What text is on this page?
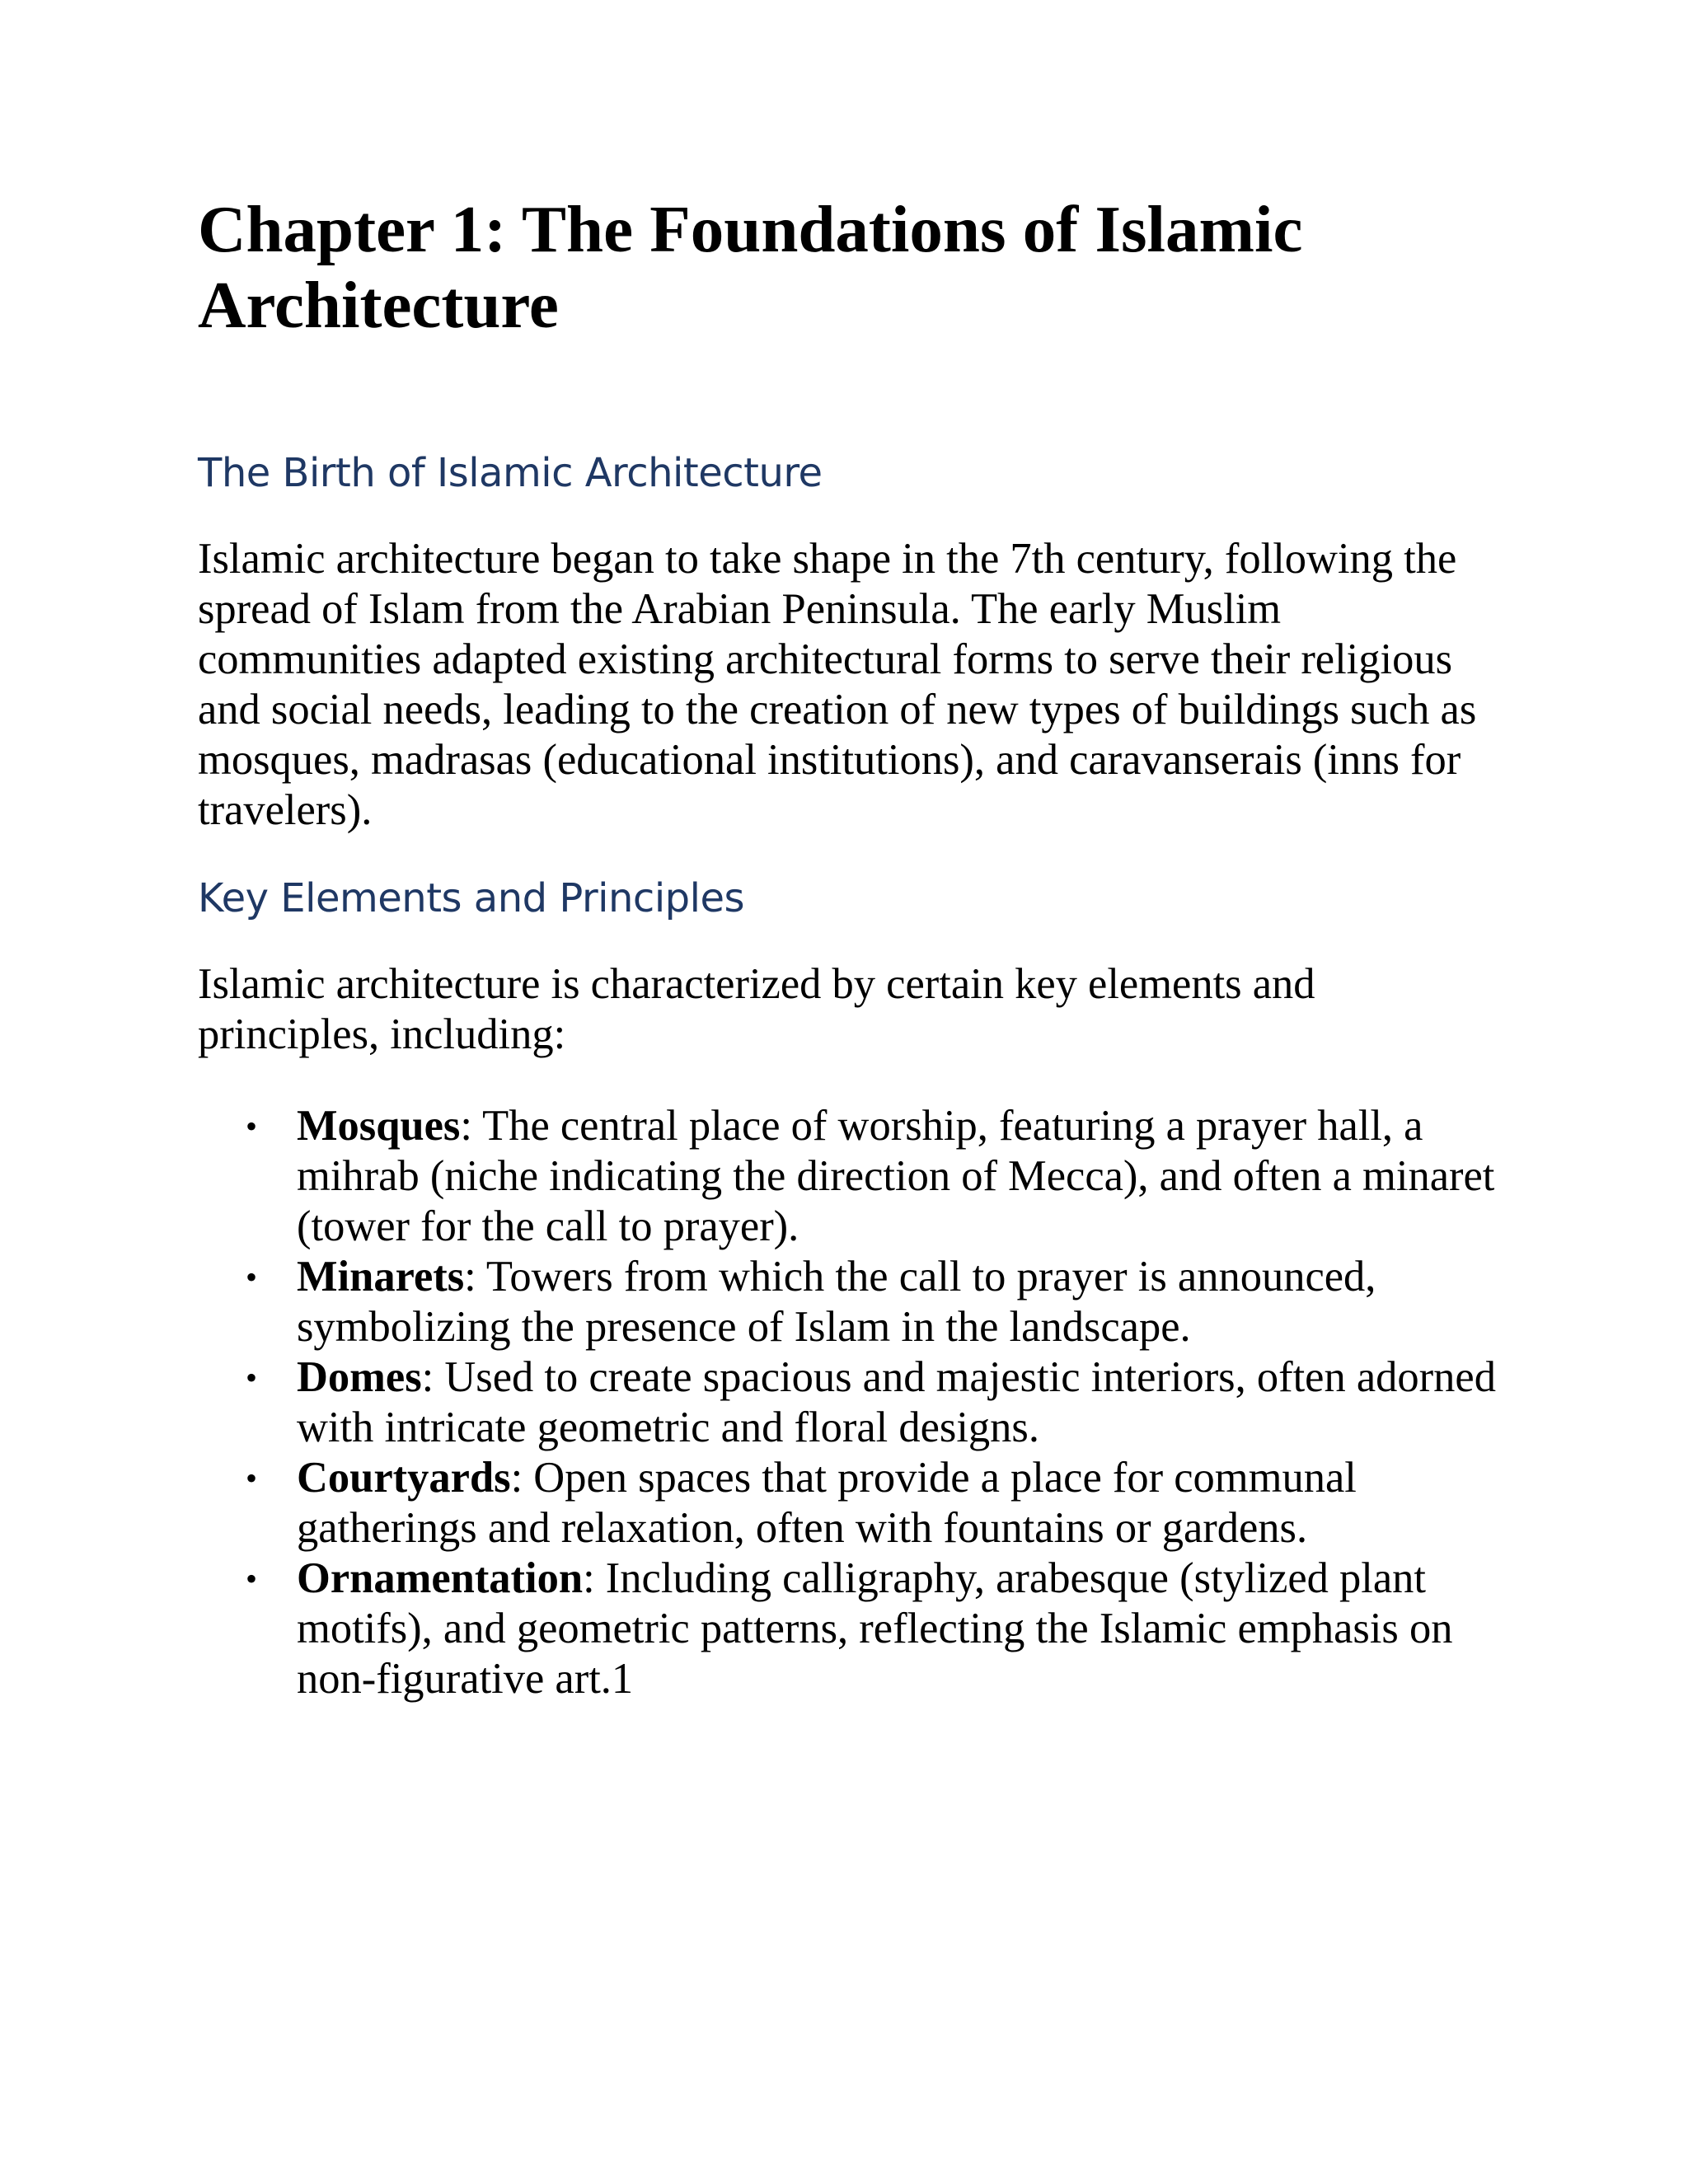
Chapter 1: The Foundations of Islamic Architecture
The Birth of Islamic Architecture

Islamic architecture began to take shape in the 7th century, following the spread of Islam from the Arabian Peninsula. The early Muslim communities adapted existing architectural forms to serve their religious and social needs, leading to the creation of new types of buildings such as mosques, madrasas (educational institutions), and caravanserais (inns for travelers).

Key Elements and Principles

Islamic architecture is characterized by certain key elements and principles, including:

• Mosques: The central place of worship, featuring a prayer hall, a mihrab (niche indicating the direction of Mecca), and often a minaret (tower for the call to prayer).
• Minarets: Towers from which the call to prayer is announced, symbolizing the presence of Islam in the landscape.
• Domes: Used to create spacious and majestic interiors, often adorned with intricate geometric and floral designs.
• Courtyards: Open spaces that provide a place for communal gatherings and relaxation, often with fountains or gardens.
• Ornamentation: Including calligraphy, arabesque (stylized plant motifs), and geometric patterns, reflecting the Islamic emphasis on non-figurative art.1
